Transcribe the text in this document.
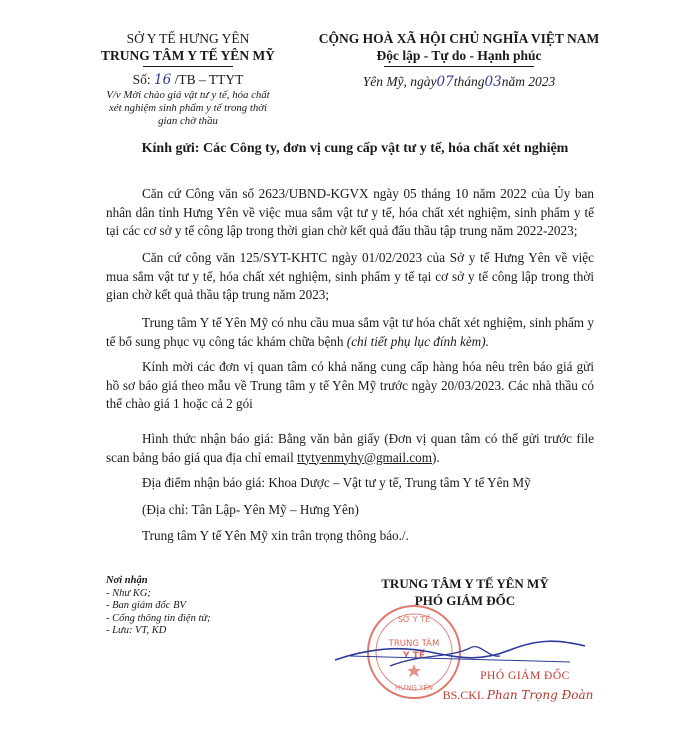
SỞ Y TẾ HƯNG YÊN
TRUNG TÂM Y TẾ YÊN MỸ
Số: 16 /TB – TTYT
V/v Mời chào giá vật tư y tế, hóa chất
xét nghiệm sinh phẩm y tế trong thời
gian chờ thầu
CỘNG HOÀ XÃ HỘI CHỦ NGHĨA VIỆT NAM
Độc lập - Tự do - Hạnh phúc
Yên Mỹ, ngày07tháng03năm 2023
Kính gửi: Các Công ty, đơn vị cung cấp vật tư y tế, hóa chất xét nghiệm
Căn cứ Công văn số 2623/UBND-KGVX ngày 05 tháng 10 năm 2022 của Ủy ban nhân dân tỉnh Hưng Yên về việc mua sắm vật tư y tế, hóa chất xét nghiệm, sinh phẩm y tế tại các cơ sở y tế công lập trong thời gian chờ kết quả đấu thầu tập trung năm 2022-2023;
Căn cứ công văn 125/SYT-KHTC ngày 01/02/2023 của Sở y tế Hưng Yên về việc mua sắm vật tư y tế, hóa chất xét nghiệm, sinh phẩm y tế tại cơ sở y tế công lập trong thời gian chờ kết quả thầu tập trung năm 2023;
Trung tâm Y tế Yên Mỹ có nhu cầu mua sắm vật tư hóa chất xét nghiệm, sinh phẩm y tế bổ sung phục vụ công tác khám chữa bệnh (chi tiết phụ lục đính kèm).
Kính mời các đơn vị quan tâm có khả năng cung cấp hàng hóa nêu trên báo giá gửi hồ sơ báo giá theo mẫu về Trung tâm y tế Yên Mỹ trước ngày 20/03/2023. Các nhà thầu có thể chào giá 1 hoặc cả 2 gói
Hình thức nhận báo giá: Bằng văn bản giấy (Đơn vị quan tâm có thể gửi trước file scan bảng báo giá qua địa chỉ email ttytyenmyhy@gmail.com).
Địa điểm nhận báo giá: Khoa Dược – Vật tư y tế, Trung tâm Y tế Yên Mỹ
(Địa chỉ: Tân Lập- Yên Mỹ – Hưng Yên)
Trung tâm Y tế Yên Mỹ xin trân trọng thông báo./.
Nơi nhận
- Như KG;
- Ban giám đốc BV
- Cổng thông tin điện tử;
- Lưu: VT, KD
TRUNG TÂM Y TẾ YÊN MỸ
PHÓ GIÁM ĐỐC
SỞ Y TẾ
TRUNG TÂM
Y TẾ
HƯNG YÊN
PHÓ GIÁM ĐỐC
BS.CKI. Phan Trọng Đoàn
